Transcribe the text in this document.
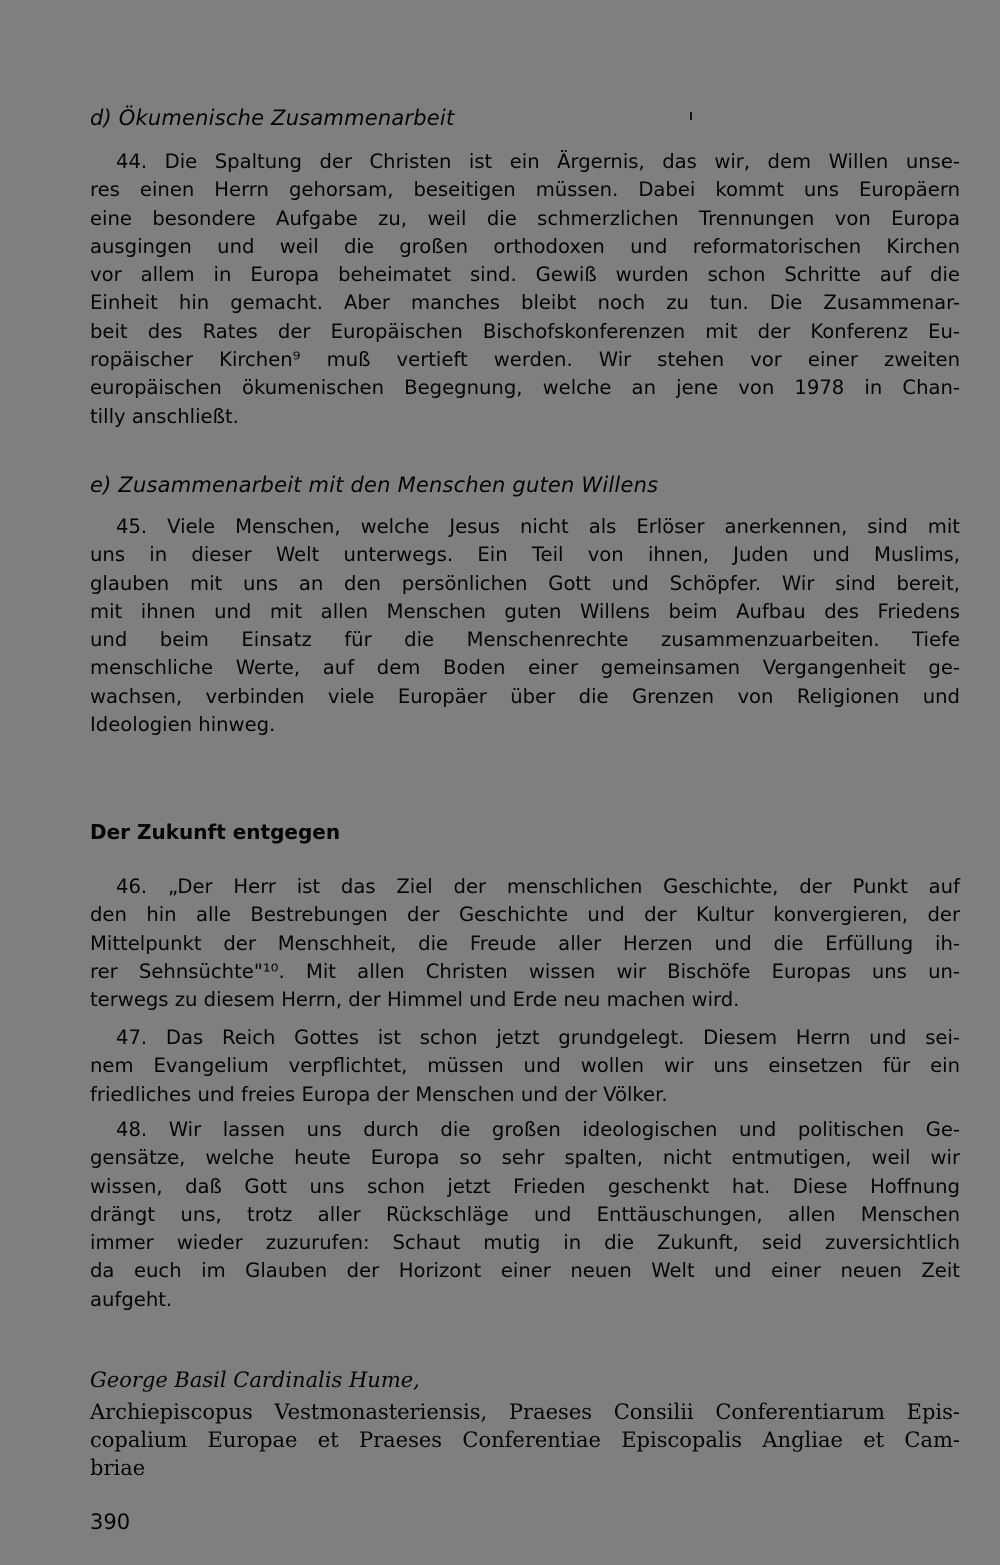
d) Ökumenische Zusammenarbeit
44. Die Spaltung der Christen ist ein Ärgernis, das wir, dem Willen unse-
res einen Herrn gehorsam, beseitigen müssen. Dabei kommt uns Europäern
eine besondere Aufgabe zu, weil die schmerzlichen Trennungen von Europa
ausgingen und weil die großen orthodoxen und reformatorischen Kirchen
vor allem in Europa beheimatet sind. Gewiß wurden schon Schritte auf die
Einheit hin gemacht. Aber manches bleibt noch zu tun. Die Zusammenar-
beit des Rates der Europäischen Bischofskonferenzen mit der Konferenz Eu-
ropäischer Kirchen⁹ muß vertieft werden. Wir stehen vor einer zweiten
europäischen ökumenischen Begegnung, welche an jene von 1978 in Chan-
tilly anschließt.
e) Zusammenarbeit mit den Menschen guten Willens
45. Viele Menschen, welche Jesus nicht als Erlöser anerkennen, sind mit
uns in dieser Welt unterwegs. Ein Teil von ihnen, Juden und Muslims,
glauben mit uns an den persönlichen Gott und Schöpfer. Wir sind bereit,
mit ihnen und mit allen Menschen guten Willens beim Aufbau des Friedens
und beim Einsatz für die Menschenrechte zusammenzuarbeiten. Tiefe
menschliche Werte, auf dem Boden einer gemeinsamen Vergangenheit ge-
wachsen, verbinden viele Europäer über die Grenzen von Religionen und
Ideologien hinweg.
Der Zukunft entgegen
46. „Der Herr ist das Ziel der menschlichen Geschichte, der Punkt auf
den hin alle Bestrebungen der Geschichte und der Kultur konvergieren, der
Mittelpunkt der Menschheit, die Freude aller Herzen und die Erfüllung ih-
rer Sehnsüchte"¹⁰. Mit allen Christen wissen wir Bischöfe Europas uns un-
terwegs zu diesem Herrn, der Himmel und Erde neu machen wird.
47. Das Reich Gottes ist schon jetzt grundgelegt. Diesem Herrn und sei-
nem Evangelium verpflichtet, müssen und wollen wir uns einsetzen für ein
friedliches und freies Europa der Menschen und der Völker.
48. Wir lassen uns durch die großen ideologischen und politischen Ge-
gensätze, welche heute Europa so sehr spalten, nicht entmutigen, weil wir
wissen, daß Gott uns schon jetzt Frieden geschenkt hat. Diese Hoffnung
drängt uns, trotz aller Rückschläge und Enttäuschungen, allen Menschen
immer wieder zuzurufen: Schaut mutig in die Zukunft, seid zuversichtlich
da euch im Glauben der Horizont einer neuen Welt und einer neuen Zeit
aufgeht.
George Basil Cardinalis Hume,
Archiepiscopus Vestmonasteriensis, Praeses Consilii Conferentiarum Epis-
copalium Europae et Praeses Conferentiae Episcopalis Angliae et Cam-
briae
390
